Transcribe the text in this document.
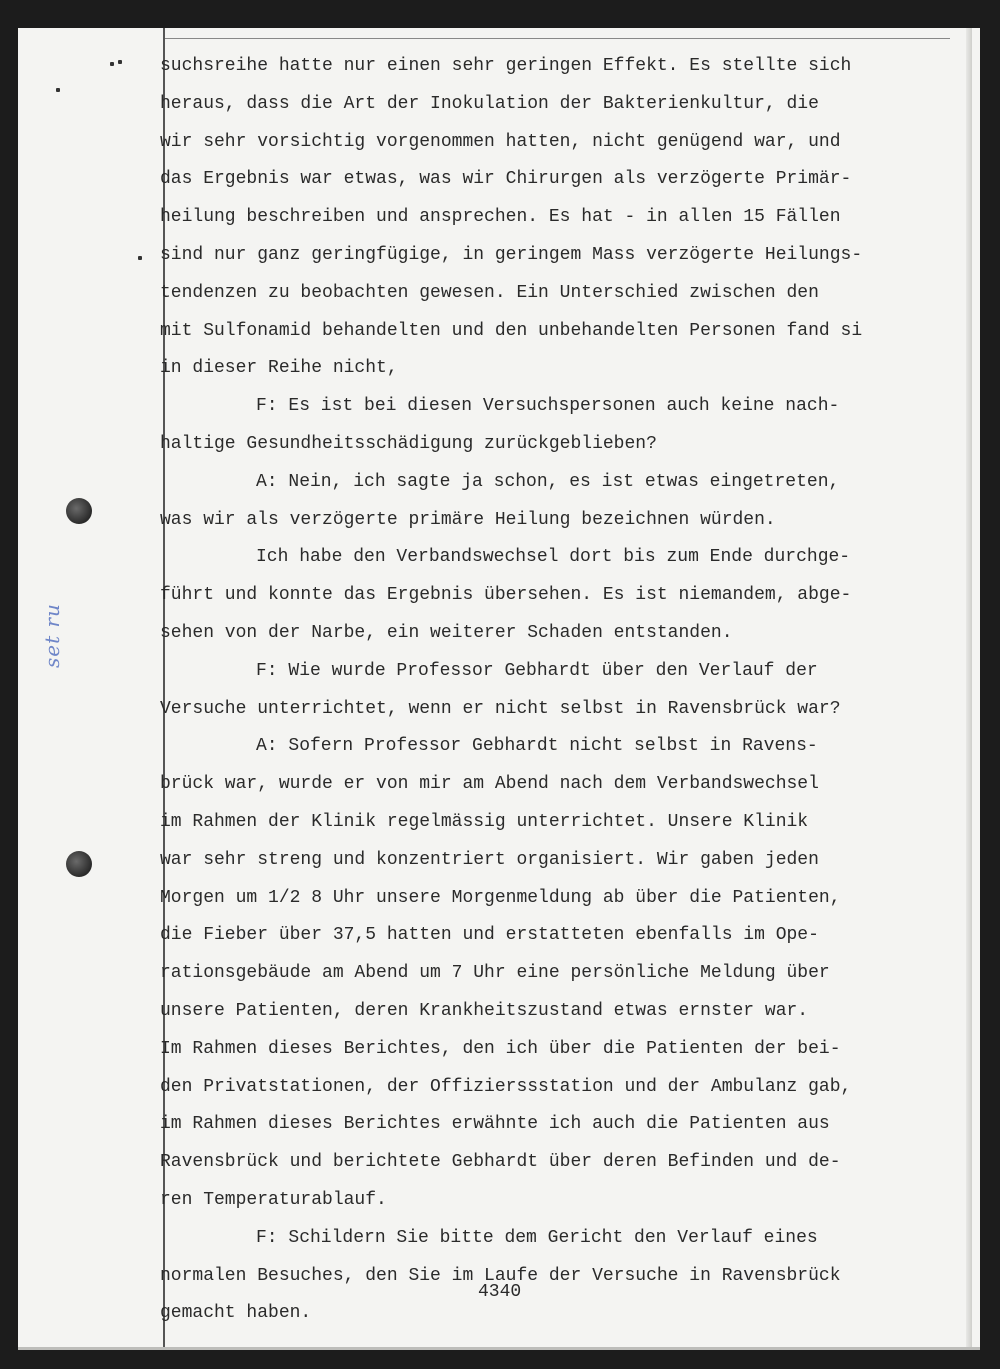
set ru
suchsreihe hatte nur einen sehr geringen Effekt. Es stellte sich
heraus, dass die Art der Inokulation der Bakterienkultur, die
wir sehr vorsichtig vorgenommen hatten, nicht genügend war, und
das Ergebnis war etwas, was wir Chirurgen als verzögerte Primär-
heilung beschreiben und ansprechen. Es hat - in allen 15 Fällen
sind nur ganz geringfügige, in geringem Mass verzögerte Heilungs-
tendenzen zu beobachten gewesen. Ein Unterschied zwischen den
mit Sulfonamid behandelten und den unbehandelten Personen fand si
in dieser Reihe nicht,
F: Es ist bei diesen Versuchspersonen auch keine nach-
haltige Gesundheitsschädigung zurückgeblieben?
A: Nein, ich sagte ja schon, es ist etwas eingetreten,
was wir als verzögerte primäre Heilung bezeichnen würden.
Ich habe den Verbandswechsel dort bis zum Ende durchge-
führt und konnte das Ergebnis übersehen. Es ist niemandem, abge-
sehen von der Narbe, ein weiterer Schaden entstanden.
F: Wie wurde Professor Gebhardt über den Verlauf der
Versuche unterrichtet, wenn er nicht selbst in Ravensbrück war?
A: Sofern Professor Gebhardt nicht selbst in Ravens-
brück war, wurde er von mir am Abend nach dem Verbandswechsel
im Rahmen der Klinik regelmässig unterrichtet. Unsere Klinik
war sehr streng und konzentriert organisiert. Wir gaben jeden
Morgen um 1/2 8 Uhr unsere Morgenmeldung ab über die Patienten,
die Fieber über 37,5 hatten und erstatteten ebenfalls im Ope-
rationsgebäude am Abend um 7 Uhr eine persönliche Meldung über
unsere Patienten, deren Krankheitszustand etwas ernster war.
Im Rahmen dieses Berichtes, den ich über die Patienten der bei-
den Privatstationen, der Offizierssstation und der Ambulanz gab,
im Rahmen dieses Berichtes erwähnte ich auch die Patienten aus
Ravensbrück und berichtete Gebhardt über deren Befinden und de-
ren Temperaturablauf.
F: Schildern Sie bitte dem Gericht den Verlauf eines
normalen Besuches, den Sie im Laufe der Versuche in Ravensbrück
gemacht haben.
4340
